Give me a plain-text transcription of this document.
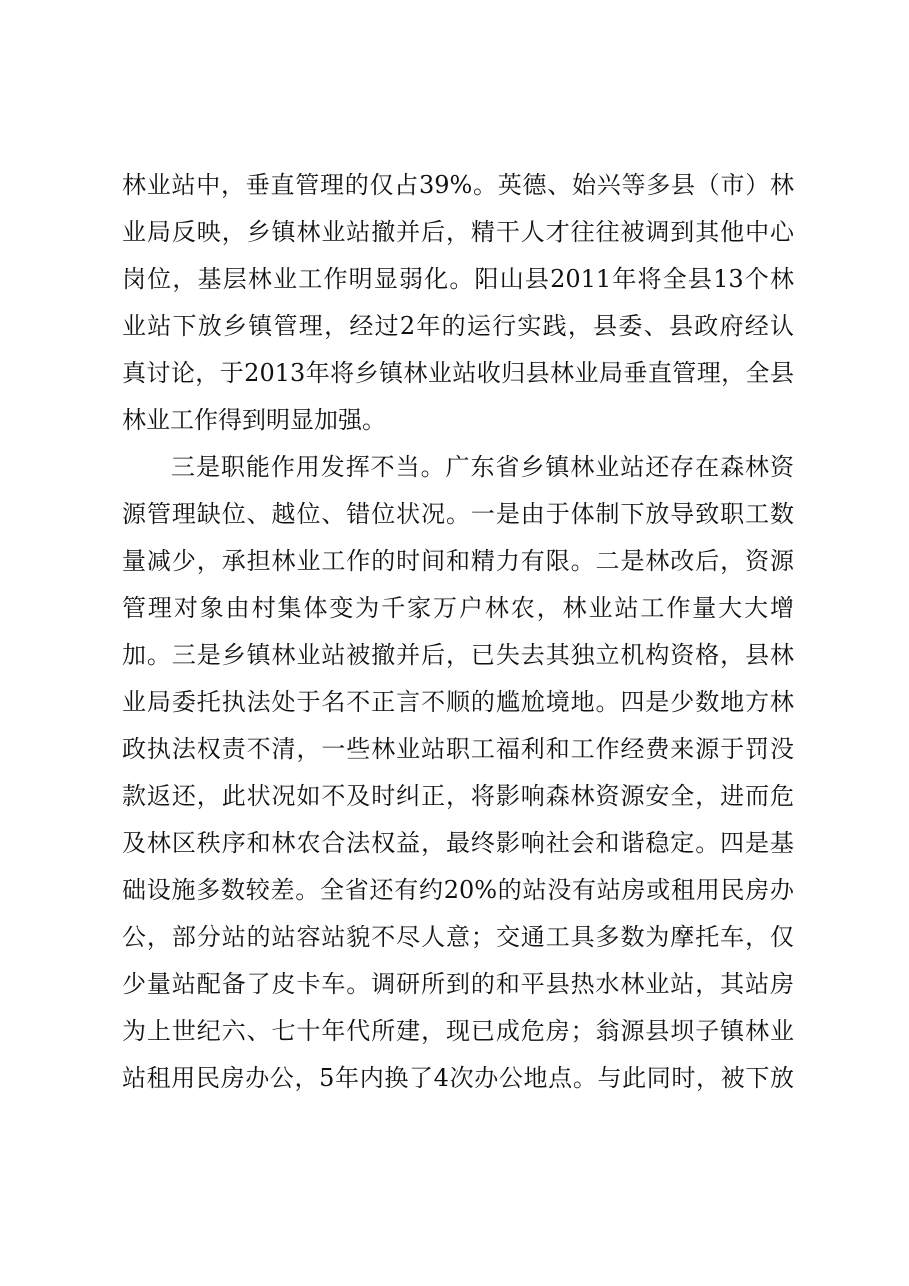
林业站中，垂直管理的仅占39%。英德、始兴等多县（市）林
业局反映，乡镇林业站撤并后，精干人才往往被调到其他中心
岗位，基层林业工作明显弱化。阳山县2011年将全县13个林
业站下放乡镇管理，经过2年的运行实践，县委、县政府经认
真讨论，于2013年将乡镇林业站收归县林业局垂直管理，全县
林业工作得到明显加强。
三是职能作用发挥不当。广东省乡镇林业站还存在森林资
源管理缺位、越位、错位状况。一是由于体制下放导致职工数
量减少，承担林业工作的时间和精力有限。二是林改后，资源
管理对象由村集体变为千家万户林农，林业站工作量大大增
加。三是乡镇林业站被撤并后，已失去其独立机构资格，县林
业局委托执法处于名不正言不顺的尴尬境地。四是少数地方林
政执法权责不清，一些林业站职工福利和工作经费来源于罚没
款返还，此状况如不及时纠正，将影响森林资源安全，进而危
及林区秩序和林农合法权益，最终影响社会和谐稳定。四是基
础设施多数较差。全省还有约20%的站没有站房或租用民房办
公，部分站的站容站貌不尽人意；交通工具多数为摩托车，仅
少量站配备了皮卡车。调研所到的和平县热水林业站，其站房
为上世纪六、七十年代所建，现已成危房；翁源县坝子镇林业
站租用民房办公，5年内换了4次办公地点。与此同时，被下放
